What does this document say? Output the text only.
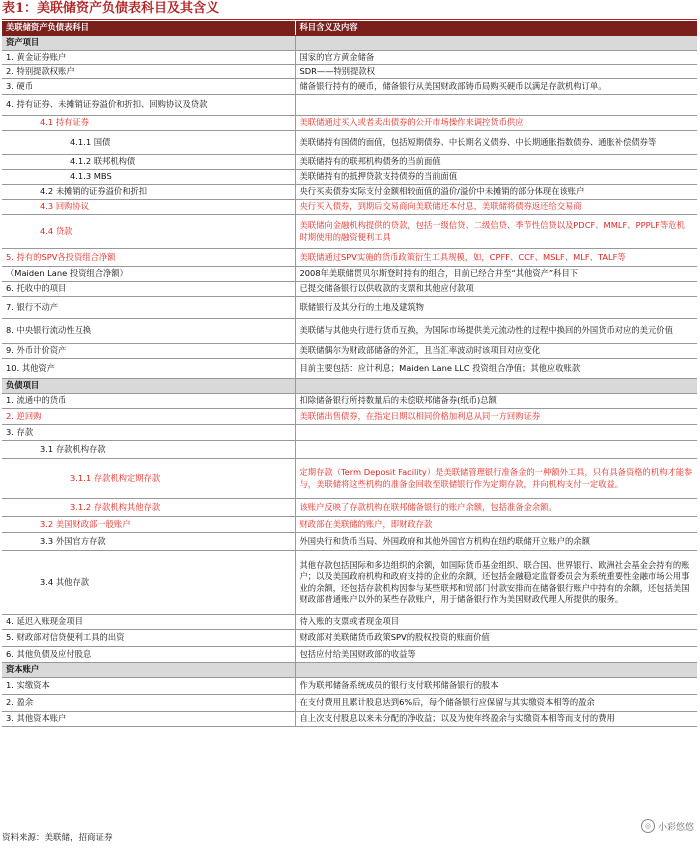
表1：美联储资产负债表科目及其含义
美联储资产负债表科目	科目含义及内容
资产项目	
1. 黄金证券账户	国家的官方黄金储备
2. 特别提款权账户	SDR——特别提款权
3. 硬币	储备银行持有的硬币，储备银行从美国财政部铸币局购买硬币以满足存款机构订单。
4. 持有证券、未摊销证券溢价和折扣、回购协议及贷款	
4.1 持有证券	美联储通过买入或者卖出债券的公开市场操作来调控货币供应
4.1.1 国债	美联储持有国债的面值，包括短期债券、中长期名义债券、中长期通胀指数债券、通胀补偿债券等
4.1.2 联邦机构债	美联储持有的联邦机构债务的当前面值
4.1.3 MBS	美联储持有的抵押贷款支持债券的当前面值
4.2 未摊销的证券溢价和折扣	央行买卖债券实际支付金额相较面值的溢价/溢价中未摊销的部分体现在该账户
4.3 回购协议	央行买入债券，到期后交易商向美联储还本付息，美联储将债券返还给交易商
4.4 贷款	美联储向金融机构提供的贷款，包括一级信贷、二级信贷、季节性信贷以及PDCF、MMLF、PPPLF等危机时期使用的融资便利工具
5. 持有的SPV各投资组合净额	美联储通过SPV实施的货币政策衍生工具规模，如，CPFF、CCF、MSLF、MLF、TALF等
（Maiden Lane 投资组合净额）	2008年美联储贯贝尔斯登时持有的组合，目前已经合并至“其他资产”科目下
6. 托收中的项目	已提交储备银行以供收款的支票和其他应付款项
7. 银行不动产	联储银行及其分行的土地及建筑物
8. 中央银行流动性互换	美联储与其他央行进行货币互换，为国际市场提供美元流动性的过程中换回的外国货币对应的美元价值
9. 外币计价资产	美联储偶尔为财政部储备的外汇，且当汇率波动时该项目对应变化
10. 其他资产	目前主要包括：应计利息；Maiden Lane LLC 投资组合净值；其他应收账款
负债项目	
1. 流通中的货币	扣除储备银行所持数量后的未偿联邦储备券(纸币)总额
2. 逆回购	美联储出售债券，在指定日期以相同价格加利息从同一方回购证券
3. 存款	
3.1 存款机构存款	
3.1.1 存款机构定期存款	定期存款（Term Deposit Facility）是美联储管理银行准备金的一种额外工具，只有具备资格的机构才能参与，美联储将这些机构的准备金回收至联储银行作为定期存款，并向机构支付一定收益。
3.1.2 存款机构其他存款	该账户反映了存款机构在联邦储备银行的账户余额，包括准备金余额。
3.2 美国财政部一般账户	财政部在美联储的账户，即财政存款
3.3 外国官方存款	外国央行和货币当局、外国政府和其他外国官方机构在纽约联储开立账户的余额
3.4 其他存款	其他存款包括国际和多边组织的余额，如国际货币基金组织、联合国、世界银行、欧洲社会基金会持有的账户；以及美国政府机构和政府支持的企业的余额，还包括金融稳定监督委员会为系统重要性金融市场公用事业的余额，还包括存款机构因参与某些联邦和贸部门付款安排而在储备银行账户中持有的余额，还包括美国财政部普通账户以外的某些存款账户，用于储备银行作为美国财政代理人所提供的服务。
4. 延迟入账现金项目	待入账的支票或者现金项目
5. 财政部对信贷便利工具的出资	财政部对美联储货币政策SPV的股权投资的账面价值
6. 其他负债及应付股息	包括应付给美国财政部的收益等
资本账户	
1. 实缴资本	作为联邦储备系统成员的银行支付联邦储备银行的股本
2. 盈余	在支付费用且累计股息达到6%后，每个储备银行应保留与其实缴资本相等的盈余
3. 其他资本账户	自上次支付股息以来未分配的净收益；以及为使年终盈余与实缴资本相等而支付的费用
资料来源：美联储，招商证券
◎ 小彩悠悠
